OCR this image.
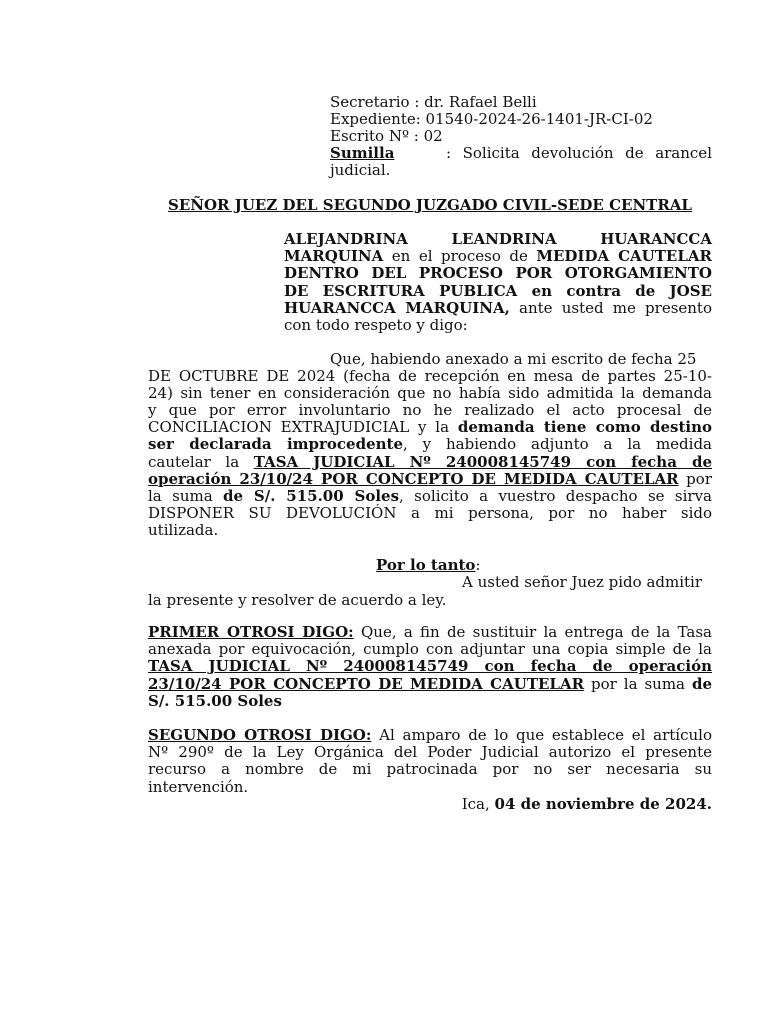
Secretario : dr. Rafael Belli
Expediente: 01540-2024-26-1401-JR-CI-02
Escrito Nº : 02
Sumilla	: Solicita devolución de arancel
judicial.
SEÑOR JUEZ DEL SEGUNDO JUZGADO CIVIL-SEDE CENTRAL
ALEJANDRINA	LEANDRINA	HUARANCCA
MARQUINA en el proceso de MEDIDA CAUTELAR
DENTRO DEL PROCESO POR OTORGAMIENTO
DE ESCRITURA PUBLICA en contra de JOSE
HUARANCCA MARQUINA, ante usted me presento
con todo respeto y digo:
Que, habiendo anexado a mi escrito de fecha 25
DE OCTUBRE DE 2024 (fecha de recepción en mesa de partes 25-10-
24) sin tener en consideración que no había sido admitida la demanda
y que por error involuntario no he realizado el acto procesal de
CONCILIACION EXTRAJUDICIAL y la demanda tiene como destino
ser declarada improcedente, y habiendo adjunto a la medida
cautelar la TASA JUDICIAL Nº 240008145749 con fecha de
operación 23/10/24 POR CONCEPTO DE MEDIDA CAUTELAR por
la suma de S/. 515.00 Soles, solicito a vuestro despacho se sirva
DISPONER SU DEVOLUCIÓN a mi persona, por no haber sido
utilizada.
Por lo tanto:
A usted señor Juez pido admitir
la presente y resolver de acuerdo a ley.
PRIMER OTROSI DIGO: Que, a fin de sustituir la entrega de la Tasa
anexada por equivocación, cumplo con adjuntar una copia simple de la
TASA JUDICIAL Nº 240008145749 con fecha de operación
23/10/24 POR CONCEPTO DE MEDIDA CAUTELAR por la suma de
S/. 515.00 Soles
SEGUNDO OTROSI DIGO: Al amparo de lo que establece el artículo
Nº 290º de la Ley Orgánica del Poder Judicial autorizo el presente
recurso a nombre de mi patrocinada por no ser necesaria su
intervención.
Ica, 04 de noviembre de 2024.
